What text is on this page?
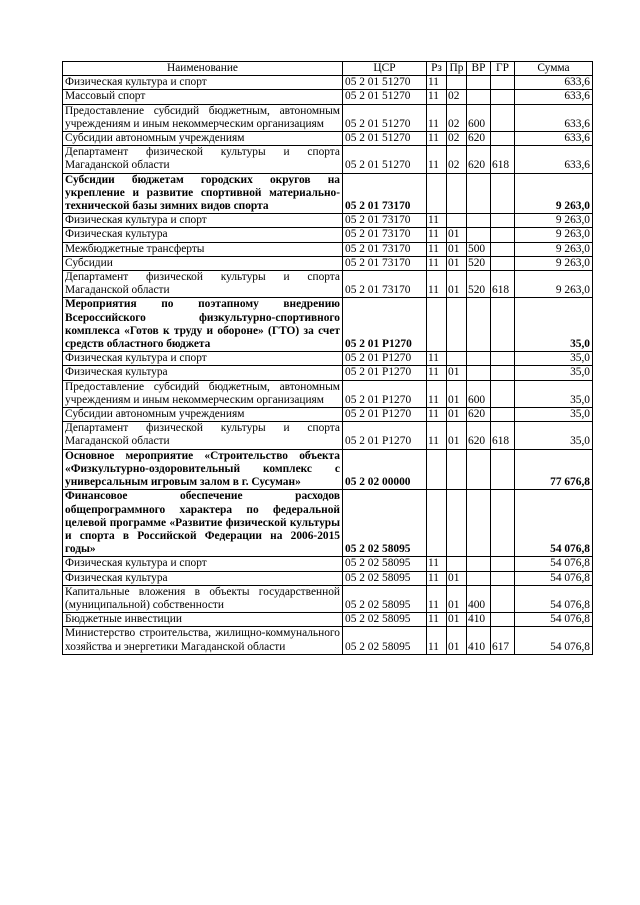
Наименование	ЦСР	Рз	Пр	ВР	ГР	Сумма
Физическая культура и спорт	05 2 01 51270	11				633,6
Массовый спорт	05 2 01 51270	11	02			633,6
Предоставление субсидий бюджетным, автономным учреждениям и иным некоммерческим организациям	05 2 01 51270	11	02	600		633,6
Субсидии автономным учреждениям	05 2 01 51270	11	02	620		633,6
Департамент физической культуры и спорта Магаданской области	05 2 01 51270	11	02	620	618	633,6
Субсидии бюджетам городских округов на укрепление и развитие спортивной материально-технической базы зимних видов спорта	05 2 01 73170					9 263,0
Физическая культура и спорт	05 2 01 73170	11				9 263,0
Физическая культура	05 2 01 73170	11	01			9 263,0
Межбюджетные трансферты	05 2 01 73170	11	01	500		9 263,0
Субсидии	05 2 01 73170	11	01	520		9 263,0
Департамент физической культуры и спорта Магаданской области	05 2 01 73170	11	01	520	618	9 263,0
Мероприятия по поэтапному внедрению Всероссийского физкультурно-спортивного комплекса «Готов к труду и обороне» (ГТО) за счет средств областного бюджета	05 2 01 Р1270					35,0
Физическая культура и спорт	05 2 01 Р1270	11				35,0
Физическая культура	05 2 01 Р1270	11	01			35,0
Предоставление субсидий бюджетным, автономным учреждениям и иным некоммерческим организациям	05 2 01 Р1270	11	01	600		35,0
Субсидии автономным учреждениям	05 2 01 Р1270	11	01	620		35,0
Департамент физической культуры и спорта Магаданской области	05 2 01 Р1270	11	01	620	618	35,0
Основное мероприятие «Строительство объекта «Физкультурно-оздоровительный комплекс с универсальным игровым залом в г. Сусуман»	05 2 02 00000					77 676,8
Финансовое обеспечение расходов общепрограммного характера по федеральной целевой программе «Развитие физической культуры и спорта в Российской Федерации на 2006-2015 годы»	05 2 02 58095					54 076,8
Физическая культура и спорт	05 2 02 58095	11				54 076,8
Физическая культура	05 2 02 58095	11	01			54 076,8
Капитальные вложения в объекты государственной (муниципальной) собственности	05 2 02 58095	11	01	400		54 076,8
Бюджетные инвестиции	05 2 02 58095	11	01	410		54 076,8
Министерство строительства, жилищно-коммунального хозяйства и энергетики Магаданской области	05 2 02 58095	11	01	410	617	54 076,8
